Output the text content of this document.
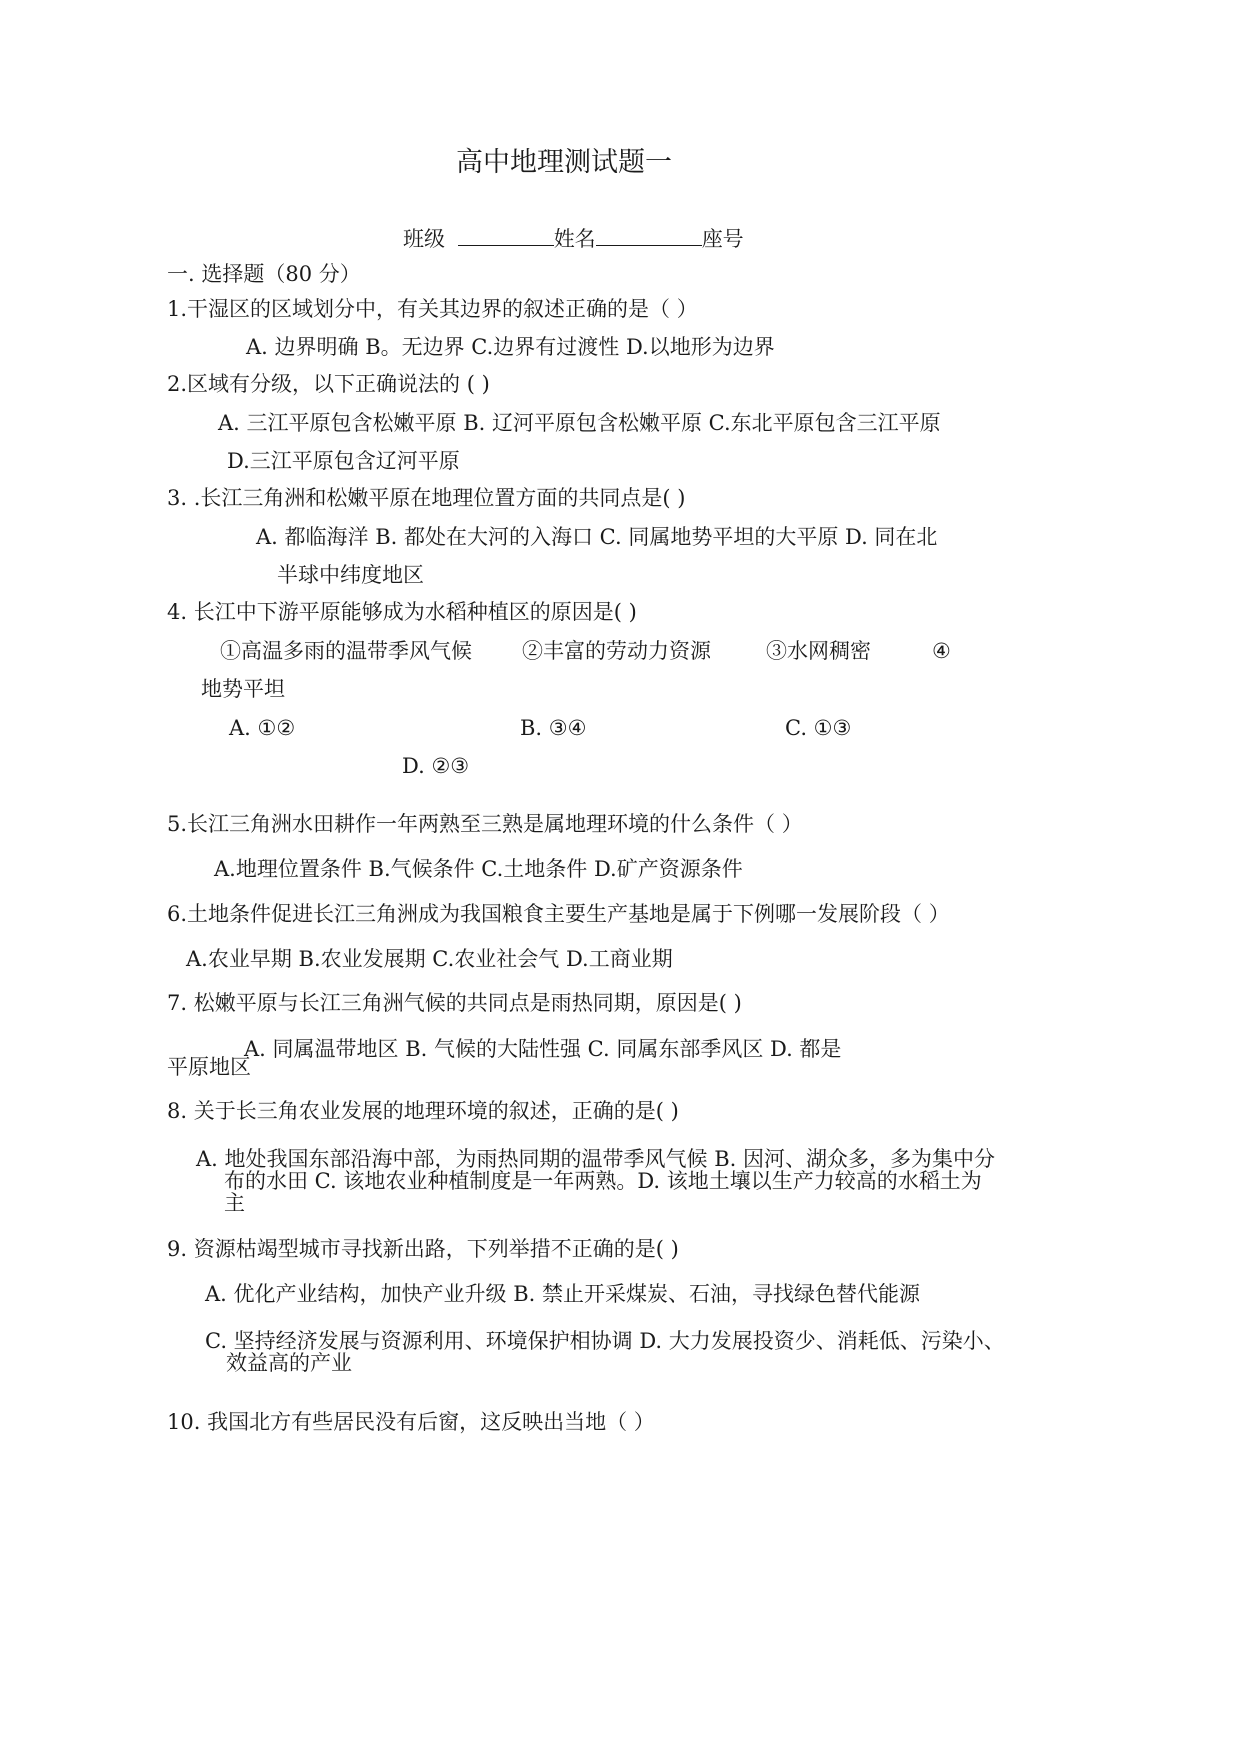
高中地理测试题一
班级	姓名	座号
一. 选择题（80 分）
1.干湿区的区域划分中，有关其边界的叙述正确的是（ ）
A. 边界明确 B。无边界 C.边界有过渡性 D.以地形为边界
2.区域有分级，以下正确说法的 ( )
A. 三江平原包含松嫩平原 B. 辽河平原包含松嫩平原 C.东北平原包含三江平原
D.三江平原包含辽河平原
3. .长江三角洲和松嫩平原在地理位置方面的共同点是( )
A. 都临海洋 B. 都处在大河的入海口 C. 同属地势平坦的大平原 D. 同在北
半球中纬度地区
4. 长江中下游平原能够成为水稻种植区的原因是( )
①高温多雨的温带季风气候 ②丰富的劳动力资源	③水网稠密	④
地势平坦
A. ①②	B. ③④	C. ①③
D. ②③
5.长江三角洲水田耕作一年两熟至三熟是属地理环境的什么条件（ ）
A.地理位置条件 B.气候条件 C.土地条件 D.矿产资源条件
6.土地条件促进长江三角洲成为我国粮食主要生产基地是属于下例哪一发展阶段（ ）
A.农业早期 B.农业发展期 C.农业社会气 D.工商业期
7. 松嫩平原与长江三角洲气候的共同点是雨热同期，原因是( )
A. 同属温带地区 B. 气候的大陆性强 C. 同属东部季风区 D. 都是
平原地区
8. 关于长三角农业发展的地理环境的叙述，正确的是( )
A. 地处我国东部沿海中部，为雨热同期的温带季风气候 B. 因河、湖众多，多为集中分
布的水田 C. 该地农业种植制度是一年两熟。D. 该地土壤以生产力较高的水稻土为
主
9. 资源枯竭型城市寻找新出路，下列举措不正确的是( )
A. 优化产业结构，加快产业升级 B. 禁止开采煤炭、石油，寻找绿色替代能源
C. 坚持经济发展与资源利用、环境保护相协调 D. 大力发展投资少、消耗低、污染小、
效益高的产业
10. 我国北方有些居民没有后窗，这反映出当地（ ）
